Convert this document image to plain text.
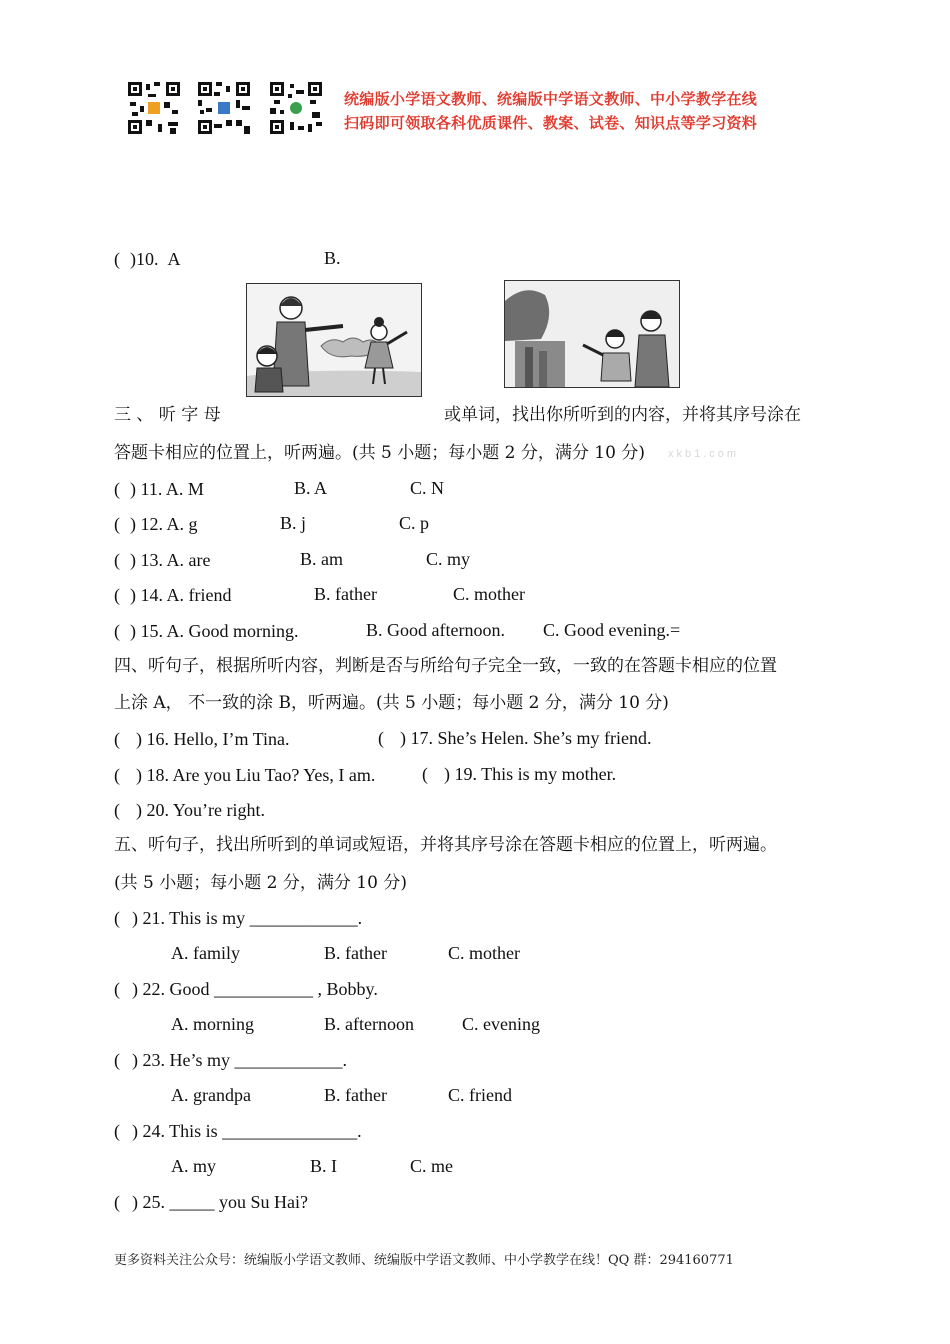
统编版小学语文教师、统编版中学语文教师、中小学教学在线
扫码即可领取各科优质课件、教案、试卷、知识点等学习资料
( )10. A	B.
三 、 听 字 母	或单词，找出你所听到的内容，并将其序号涂在
答题卡相应的位置上，听两遍。(共 5 小题；每小题 2 分，满分 10 分) xkb1.com
( ) 11. A. M	B. A	C. N
( ) 12. A. g	B. j	C. p
( ) 13. A. are	B. am	C. my
( ) 14. A. friend	B. father	C. mother
( ) 15. A. Good morning.	B. Good afternoon. C. Good evening.=
四、听句子，根据所听内容，判断是否与所给句子完全一致，一致的在答题卡相应的位置
上涂 A， 不一致的涂 B，听两遍。(共 5 小题；每小题 2 分，满分 10 分)
( ) 16. Hello, I’m Tina.	( ) 17. She’s Helen. She’s my friend.
( ) 18. Are you Liu Tao? Yes, I am.	( ) 19. This is my mother.
( ) 20. You’re right.
五、听句子，找出所听到的单词或短语，并将其序号涂在答题卡相应的位置上，听两遍。
(共 5 小题；每小题 2 分，满分 10 分)
( ) 21. This is my ____________.
A. family	B. father	C. mother
( ) 22. Good ___________ , Bobby.
A. morning	B. afternoon	C. evening
( ) 23. He’s my ____________.
A. grandpa	B. father	C. friend
( ) 24. This is _______________.
A. my	B. I	C. me
( ) 25. _____ you Su Hai?
更多资料关注公众号：统编版小学语文教师、统编版中学语文教师、中小学教学在线！QQ 群：294160771
